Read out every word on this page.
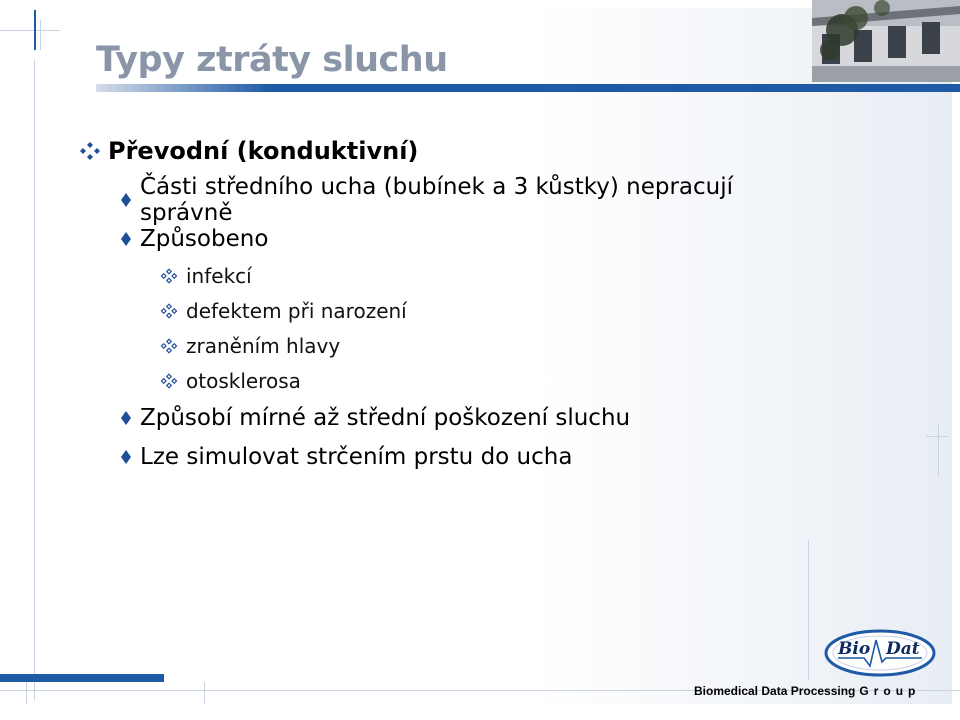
Typy ztráty sluchu
Převodní (konduktivní)
Části středního ucha (bubínek a 3 kůstky) nepracují správně
Způsobeno
infekcí
defektem při narození
zraněním hlavy
otosklerosa
Způsobí mírné až střední poškození sluchu
Lze simulovat strčením prstu do ucha
Bio Dat
Biomedical Data Processing Group
